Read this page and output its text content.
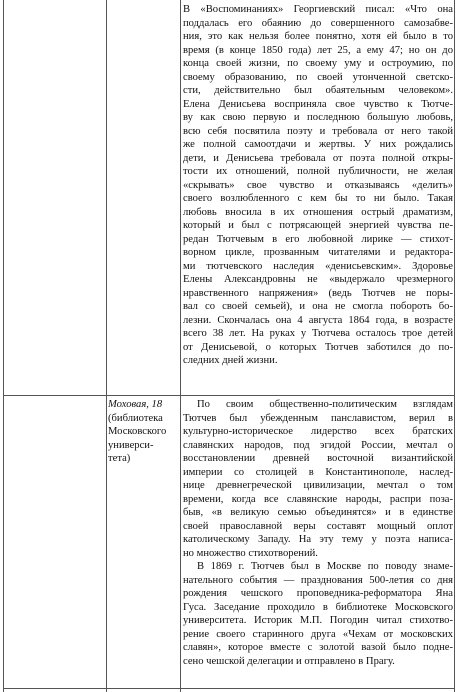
В «Воспоминаниях» Георгиевский писал: «Что она
поддалась его обаянию до совершенного самозабве-
ния, это как нельзя более понятно, хотя ей было в то
время (в конце 1850 года) лет 25, а ему 47; но он до
конца своей жизни, по своему уму и остроумию, по
своему образованию, по своей утонченной светско-
сти, действительно был обаятельным человеком».
Елена Денисьева восприняла свое чувство к Тютче-
ву как свою первую и последнюю большую любовь,
всю себя посвятила поэту и требовала от него такой
же полной самоотдачи и жертвы. У них рождались
дети, и Денисьева требовала от поэта полной откры-
тости их отношений, полной публичности, не желая
«скрывать» свое чувство и отказываясь «делить»
своего возлюбленного с кем бы то ни было. Такая
любовь вносила в их отношения острый драматизм,
который и был с потрясающей энергией чувства пе-
редан Тютчевым в его любовной лирике — стихот-
ворном цикле, прозванным читателями и редактора-
ми тютчевского наследия «денисьевским». Здоровье
Елены Александровны не «выдержало чрезмерного
нравственного напряжения» (ведь Тютчев не поры-
вал со своей семьей), и она не смогла побороть бо-
лезни. Скончалась она 4 августа 1864 года, в возрасте
всего 38 лет. На руках у Тютчева осталось трое детей
от Денисьевой, о которых Тютчев заботился до по-
следних дней жизни.
Моховая, 18
(библиотека
Московского
универси-
тета)
По своим общественно-политическим взглядам
Тютчев был убежденным панславистом, верил в
культурно-историческое лидерство всех братских
славянских народов, под эгидой России, мечтал о
восстановлении древней восточной византийской
империи со столицей в Константинополе, наслед-
нице древнегреческой цивилизации, мечтал о том
времени, когда все славянские народы, распри поза-
быв, «в великую семью объединятся» и в единстве
своей православной веры составят мощный оплот
католическому Западу. На эту тему у поэта написа-
но множество стихотворений.
В 1869 г. Тютчев был в Москве по поводу знаме-
нательного события — празднования 500-летия со дня
рождения чешского проповедника-реформатора Яна
Гуса. Заседание проходило в библиотеке Московского
университета. Историк М.П. Погодин читал стихотво-
рение своего старинного друга «Чехам от московских
славян», которое вместе с золотой вазой было подне-
сено чешской делегации и отправлено в Прагу.
